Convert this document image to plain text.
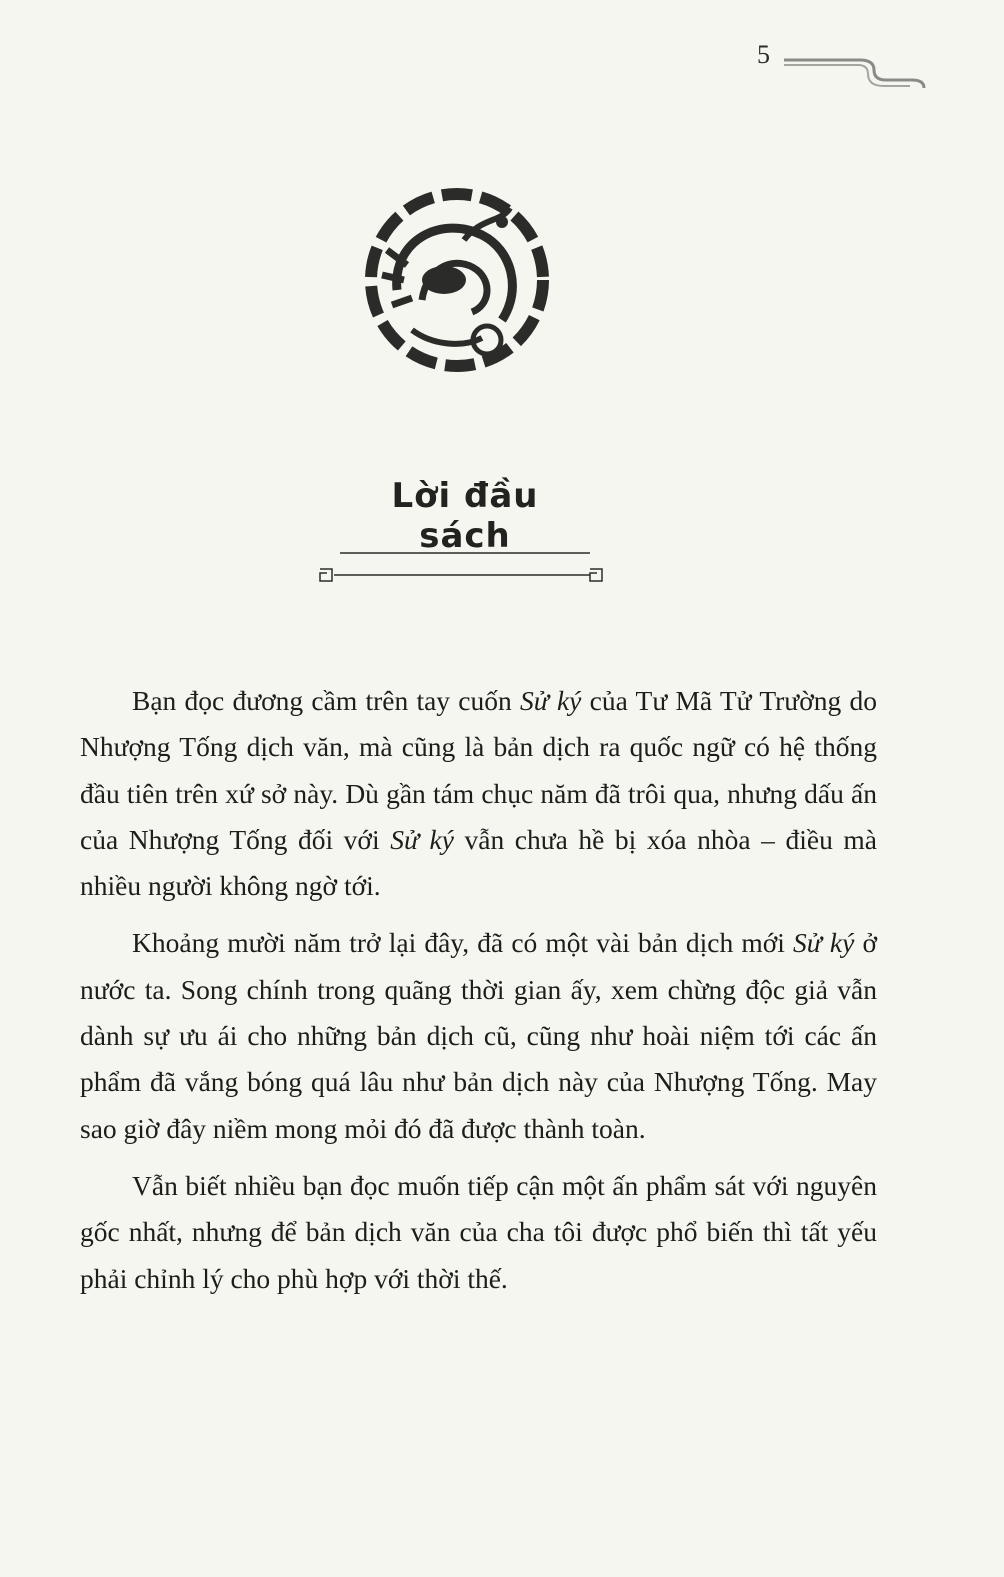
5
Lời đầu sách

Bạn đọc đương cầm trên tay cuốn Sử ký của Tư Mã Tử Trường do Nhượng Tống dịch văn, mà cũng là bản dịch ra quốc ngữ có hệ thống đầu tiên trên xứ sở này. Dù gần tám chục năm đã trôi qua, nhưng dấu ấn của Nhượng Tống đối với Sử ký vẫn chưa hề bị xóa nhòa – điều mà nhiều người không ngờ tới.

Khoảng mười năm trở lại đây, đã có một vài bản dịch mới Sử ký ở nước ta. Song chính trong quãng thời gian ấy, xem chừng độc giả vẫn dành sự ưu ái cho những bản dịch cũ, cũng như hoài niệm tới các ấn phẩm đã vắng bóng quá lâu như bản dịch này của Nhượng Tống. May sao giờ đây niềm mong mỏi đó đã được thành toàn.

Vẫn biết nhiều bạn đọc muốn tiếp cận một ấn phẩm sát với nguyên gốc nhất, nhưng để bản dịch văn của cha tôi được phổ biến thì tất yếu phải chỉnh lý cho phù hợp với thời thế.
